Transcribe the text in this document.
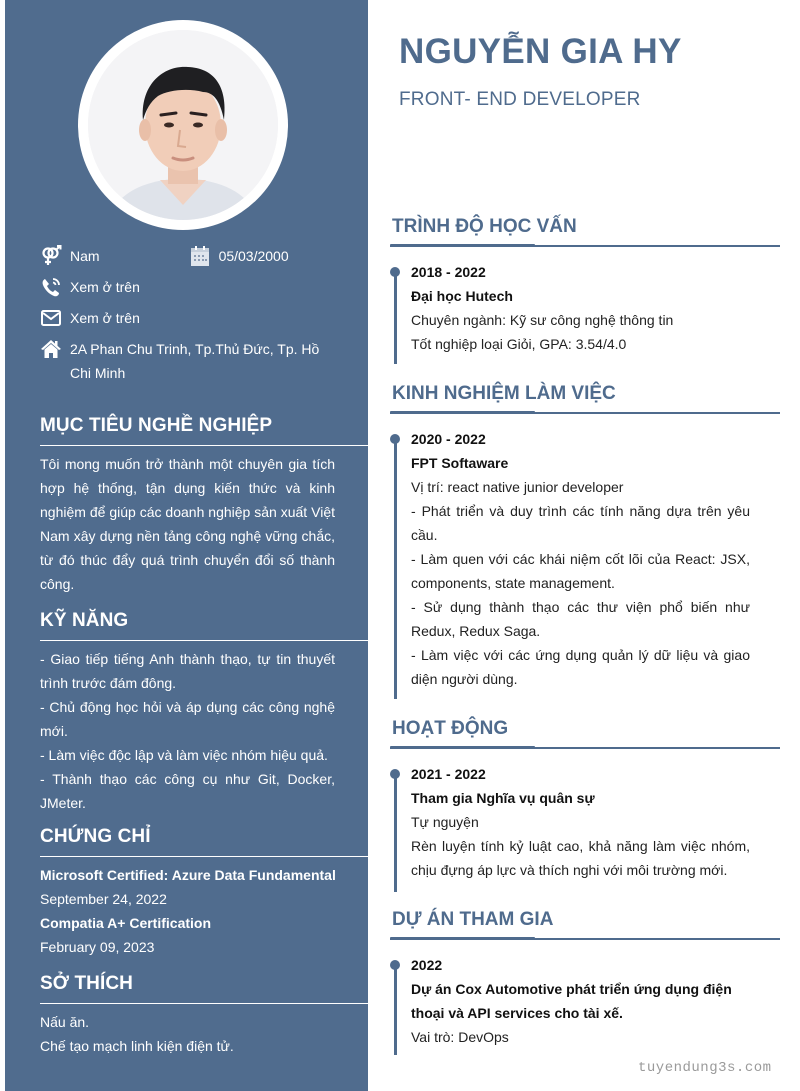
Nam	05/03/2000
Xem ở trên
Xem ở trên
2A Phan Chu Trinh, Tp.Thủ Đức, Tp. Hồ Chi Minh
MỤC TIÊU NGHỀ NGHIỆP

Tôi mong muốn trở thành một chuyên gia tích hợp hệ thống, tận dụng kiến thức và kinh nghiệm để giúp các doanh nghiệp sản xuất Việt Nam xây dựng nền tảng công nghệ vững chắc, từ đó thúc đẩy quá trình chuyển đổi số thành công.

KỸ NĂNG

- Giao tiếp tiếng Anh thành thạo, tự tin thuyết trình trước đám đông.

- Chủ động học hỏi và áp dụng các công nghệ mới.

- Làm việc độc lập và làm việc nhóm hiệu quả.

- Thành thạo các công cụ như Git, Docker, JMeter.

CHỨNG CHỈ

Microsoft Certified: Azure Data Fundamental

September 24, 2022

Compatia A+ Certification

February 09, 2023

SỞ THÍCH

Nấu ăn.

Chế tạo mạch linh kiện điện tử.

NGUYỄN GIA HY
FRONT- END DEVELOPER
TRÌNH ĐỘ HỌC VẤN
2018 - 2022
Đại học Hutech

Chuyên ngành: Kỹ sư công nghệ thông tin

Tốt nghiệp loại Giỏi, GPA: 3.54/4.0

KINH NGHIỆM LÀM VIỆC
2020 - 2022
FPT Softaware

Vị trí: react native junior developer

- Phát triển và duy trình các tính năng dựa trên yêu cầu.

- Làm quen với các khái niệm cốt lõi của React: JSX, components, state management.

- Sử dụng thành thạo các thư viện phổ biến như Redux, Redux Saga.

- Làm việc với các ứng dụng quản lý dữ liệu và giao diện người dùng.

HOẠT ĐỘNG
2021 - 2022
Tham gia Nghĩa vụ quân sự

Tự nguyện

Rèn luyện tính kỷ luật cao, khả năng làm việc nhóm, chịu đựng áp lực và thích nghi với môi trường mới.

DỰ ÁN THAM GIA
2022
Dự án Cox Automotive phát triển ứng dụng điện thoại và API services cho tài xế.

Vai trò: DevOps

tuyendung3s.com
